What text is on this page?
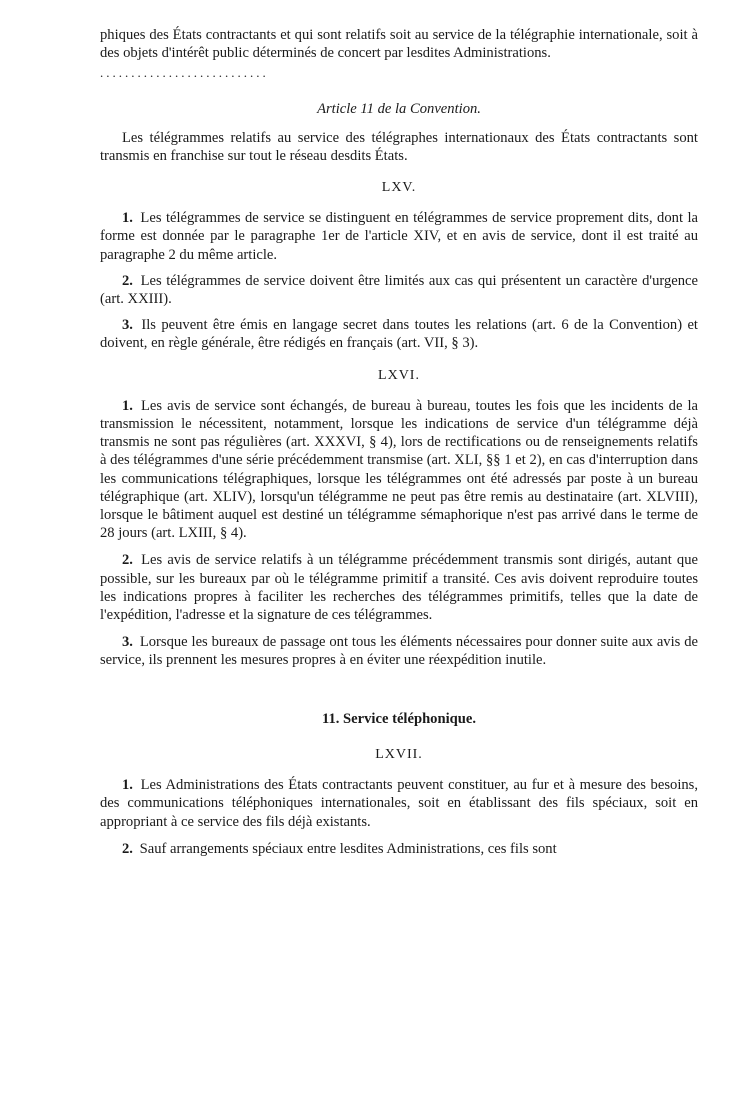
phiques des États contractants et qui sont relatifs soit au service de la télégraphie internationale, soit à des objets d'intérêt public déterminés de concert par lesdites Administrations.

...........................
Article 11 de la Convention.

Les télégrammes relatifs au service des télégraphes internationaux des États contractants sont transmis en franchise sur tout le réseau desdits États.

LXV.

1. Les télégrammes de service se distinguent en télégrammes de service proprement dits, dont la forme est donnée par le paragraphe 1er de l'article XIV, et en avis de service, dont il est traité au paragraphe 2 du même article.

2. Les télégrammes de service doivent être limités aux cas qui présentent un caractère d'urgence (art. XXIII).

3. Ils peuvent être émis en langage secret dans toutes les relations (art. 6 de la Convention) et doivent, en règle générale, être rédigés en français (art. VII, § 3).

LXVI.

1. Les avis de service sont échangés, de bureau à bureau, toutes les fois que les incidents de la transmission le nécessitent, notamment, lorsque les indications de service d'un télégramme déjà transmis ne sont pas régulières (art. XXXVI, § 4), lors de rectifications ou de renseignements relatifs à des télégrammes d'une série précédemment transmise (art. XLI, §§ 1 et 2), en cas d'interruption dans les communications télégraphiques, lorsque les télégrammes ont été adressés par poste à un bureau télégraphique (art. XLIV), lorsqu'un télégramme ne peut pas être remis au destinataire (art. XLVIII), lorsque le bâtiment auquel est destiné un télégramme sémaphorique n'est pas arrivé dans le terme de 28 jours (art. LXIII, § 4).

2. Les avis de service relatifs à un télégramme précédemment transmis sont dirigés, autant que possible, sur les bureaux par où le télégramme primitif a transité. Ces avis doivent reproduire toutes les indications propres à faciliter les recherches des télégrammes primitifs, telles que la date de l'expédition, l'adresse et la signature de ces télégrammes.

3. Lorsque les bureaux de passage ont tous les éléments nécessaires pour donner suite aux avis de service, ils prennent les mesures propres à en éviter une réexpédition inutile.

11. Service téléphonique.
LXVII.

1. Les Administrations des États contractants peuvent constituer, au fur et à mesure des besoins, des communications téléphoniques internationales, soit en établissant des fils spéciaux, soit en appropriant à ce service des fils déjà existants.

2. Sauf arrangements spéciaux entre lesdites Administrations, ces fils sont
